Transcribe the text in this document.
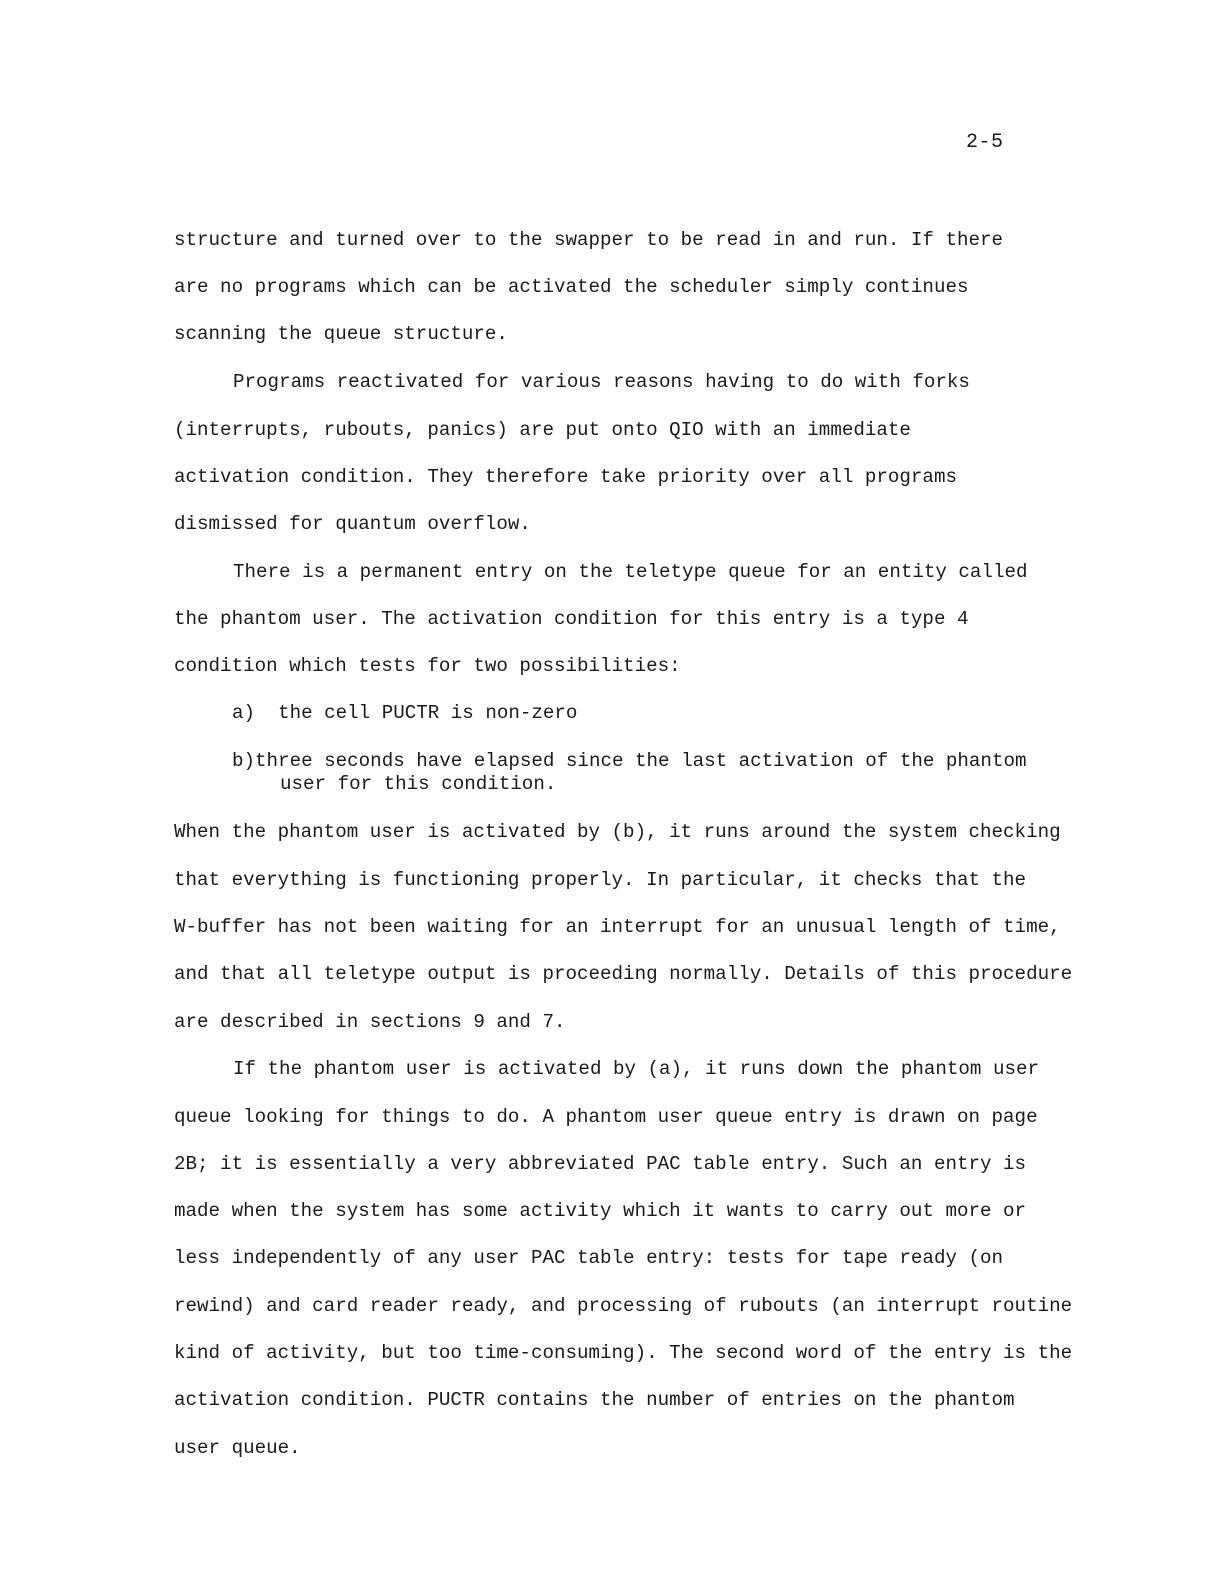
2-5
structure and turned over to the swapper to be read in and run. If there
are no programs which can be activated the scheduler simply continues
scanning the queue structure.
Programs reactivated for various reasons having to do with forks
(interrupts, rubouts, panics) are put onto QIO with an immediate
activation condition. They therefore take priority over all programs
dismissed for quantum overflow.
There is a permanent entry on the teletype queue for an entity called
the phantom user. The activation condition for this entry is a type 4
condition which tests for two possibilities:
a) the cell PUCTR is non-zero
b)three seconds have elapsed since the last activation of the phantom
user for this condition.
When the phantom user is activated by (b), it runs around the system checking
that everything is functioning properly. In particular, it checks that the
W-buffer has not been waiting for an interrupt for an unusual length of time,
and that all teletype output is proceeding normally. Details of this procedure
are described in sections 9 and 7.
If the phantom user is activated by (a), it runs down the phantom user
queue looking for things to do. A phantom user queue entry is drawn on page
2B; it is essentially a very abbreviated PAC table entry. Such an entry is
made when the system has some activity which it wants to carry out more or
less independently of any user PAC table entry: tests for tape ready (on
rewind) and card reader ready, and processing of rubouts (an interrupt routine
kind of activity, but too time-consuming). The second word of the entry is the
activation condition. PUCTR contains the number of entries on the phantom
user queue.
